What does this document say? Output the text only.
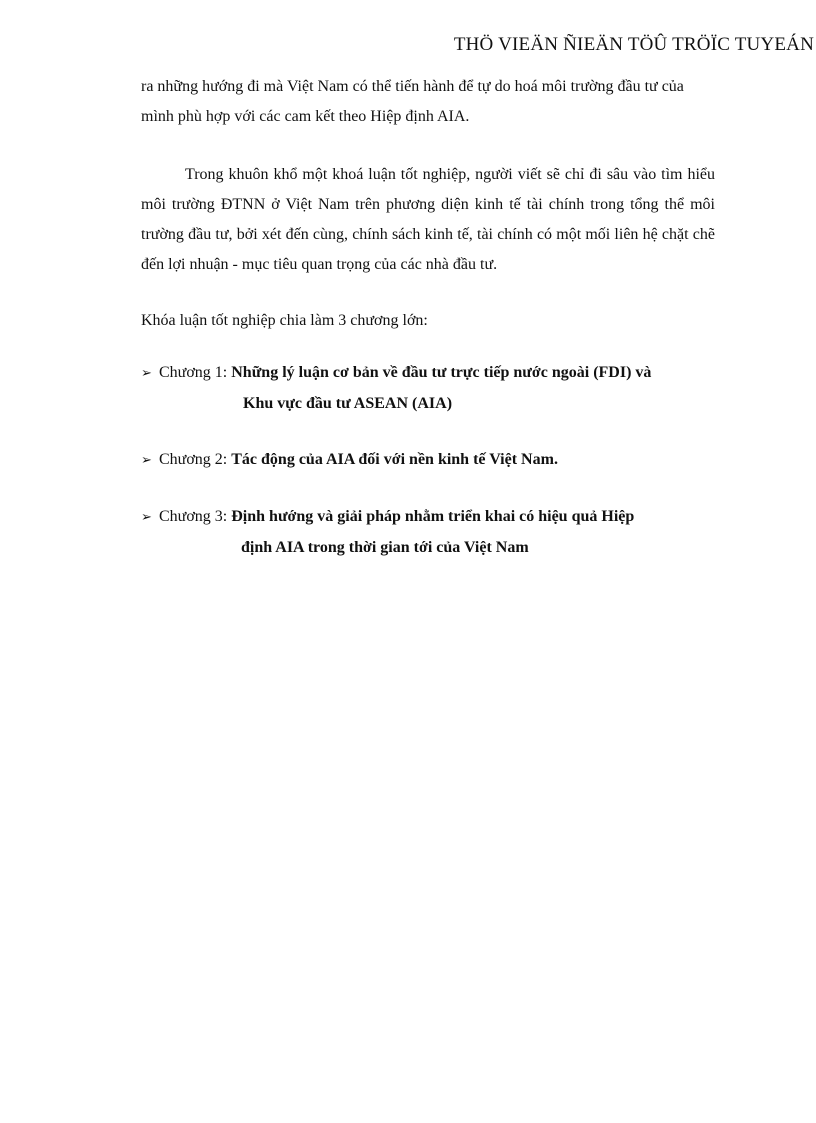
THÖ VIEÄN ÑIEÄN TÖÛ TRÖÏC TUYEÁN

ra những hướng đi mà Việt Nam có thể tiến hành để tự do hoá môi trường đầu tư của mình phù hợp với các cam kết theo Hiệp định AIA.

Trong khuôn khổ một khoá luận tốt nghiệp, người viết sẽ chỉ đi sâu vào tìm hiểu môi trường ĐTNN ở Việt Nam trên phương diện kinh tế tài chính trong tổng thể môi trường đầu tư, bởi xét đến cùng, chính sách kinh tế, tài chính có một mối liên hệ chặt chẽ đến lợi nhuận - mục tiêu quan trọng của các nhà đầu tư.

Khóa luận tốt nghiệp chia làm 3 chương lớn:

➢ Chương 1: Những lý luận cơ bản về đầu tư trực tiếp nước ngoài (FDI) và
Khu vực đầu tư ASEAN (AIA)
➢ Chương 2: Tác động của AIA đối với nền kinh tế Việt Nam.
➢ Chương 3: Định hướng và giải pháp nhằm triển khai có hiệu quả Hiệp
định AIA trong thời gian tới của Việt Nam
